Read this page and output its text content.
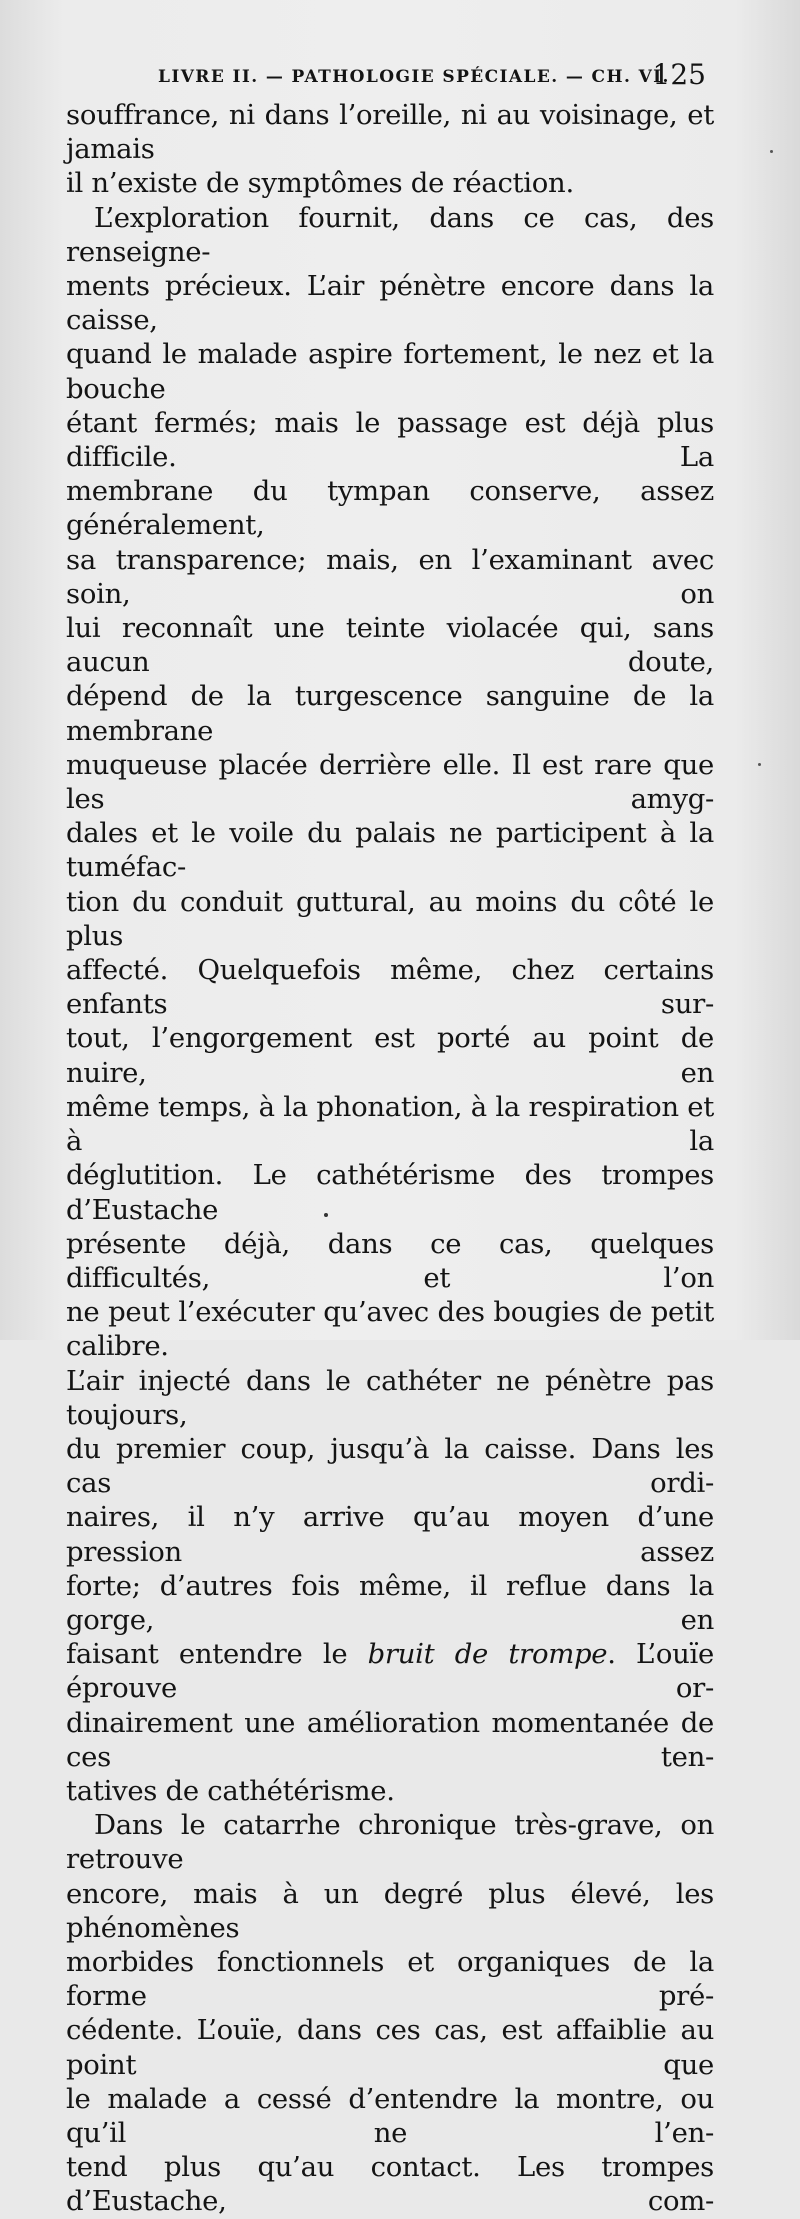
LIVRE II. — PATHOLOGIE SPÉCIALE. — CH. VI.
125
souffrance, ni dans l’oreille, ni au voisinage, et jamais
il n’existe de symptômes de réaction.
L’exploration fournit, dans ce cas, des renseigne-
ments précieux. L’air pénètre encore dans la caisse,
quand le malade aspire fortement, le nez et la bouche
étant fermés; mais le passage est déjà plus difficile. La
membrane du tympan conserve, assez généralement,
sa transparence; mais, en l’examinant avec soin, on
lui reconnaît une teinte violacée qui, sans aucun doute,
dépend de la turgescence sanguine de la membrane
muqueuse placée derrière elle. Il est rare que les amyg-
dales et le voile du palais ne participent à la tuméfac-
tion du conduit guttural, au moins du côté le plus
affecté. Quelquefois même, chez certains enfants sur-
tout, l’engorgement est porté au point de nuire, en
même temps, à la phonation, à la respiration et à la
déglutition. Le cathétérisme des trompes d’Eustache
présente déjà, dans ce cas, quelques difficultés, et l’on
ne peut l’exécuter qu’avec des bougies de petit calibre.
L’air injecté dans le cathéter ne pénètre pas toujours,
du premier coup, jusqu’à la caisse. Dans les cas ordi-
naires, il n’y arrive qu’au moyen d’une pression assez
forte; d’autres fois même, il reflue dans la gorge, en
faisant entendre le bruit de trompe. L’ouïe éprouve or-
dinairement une amélioration momentanée de ces ten-
tatives de cathétérisme.
Dans le catarrhe chronique très-grave, on retrouve
encore, mais à un degré plus élevé, les phénomènes
morbides fonctionnels et organiques de la forme pré-
cédente. L’ouïe, dans ces cas, est affaiblie au point que
le malade a cessé d’entendre la montre, ou qu’il ne l’en-
tend plus qu’au contact. Les trompes d’Eustache, com-
